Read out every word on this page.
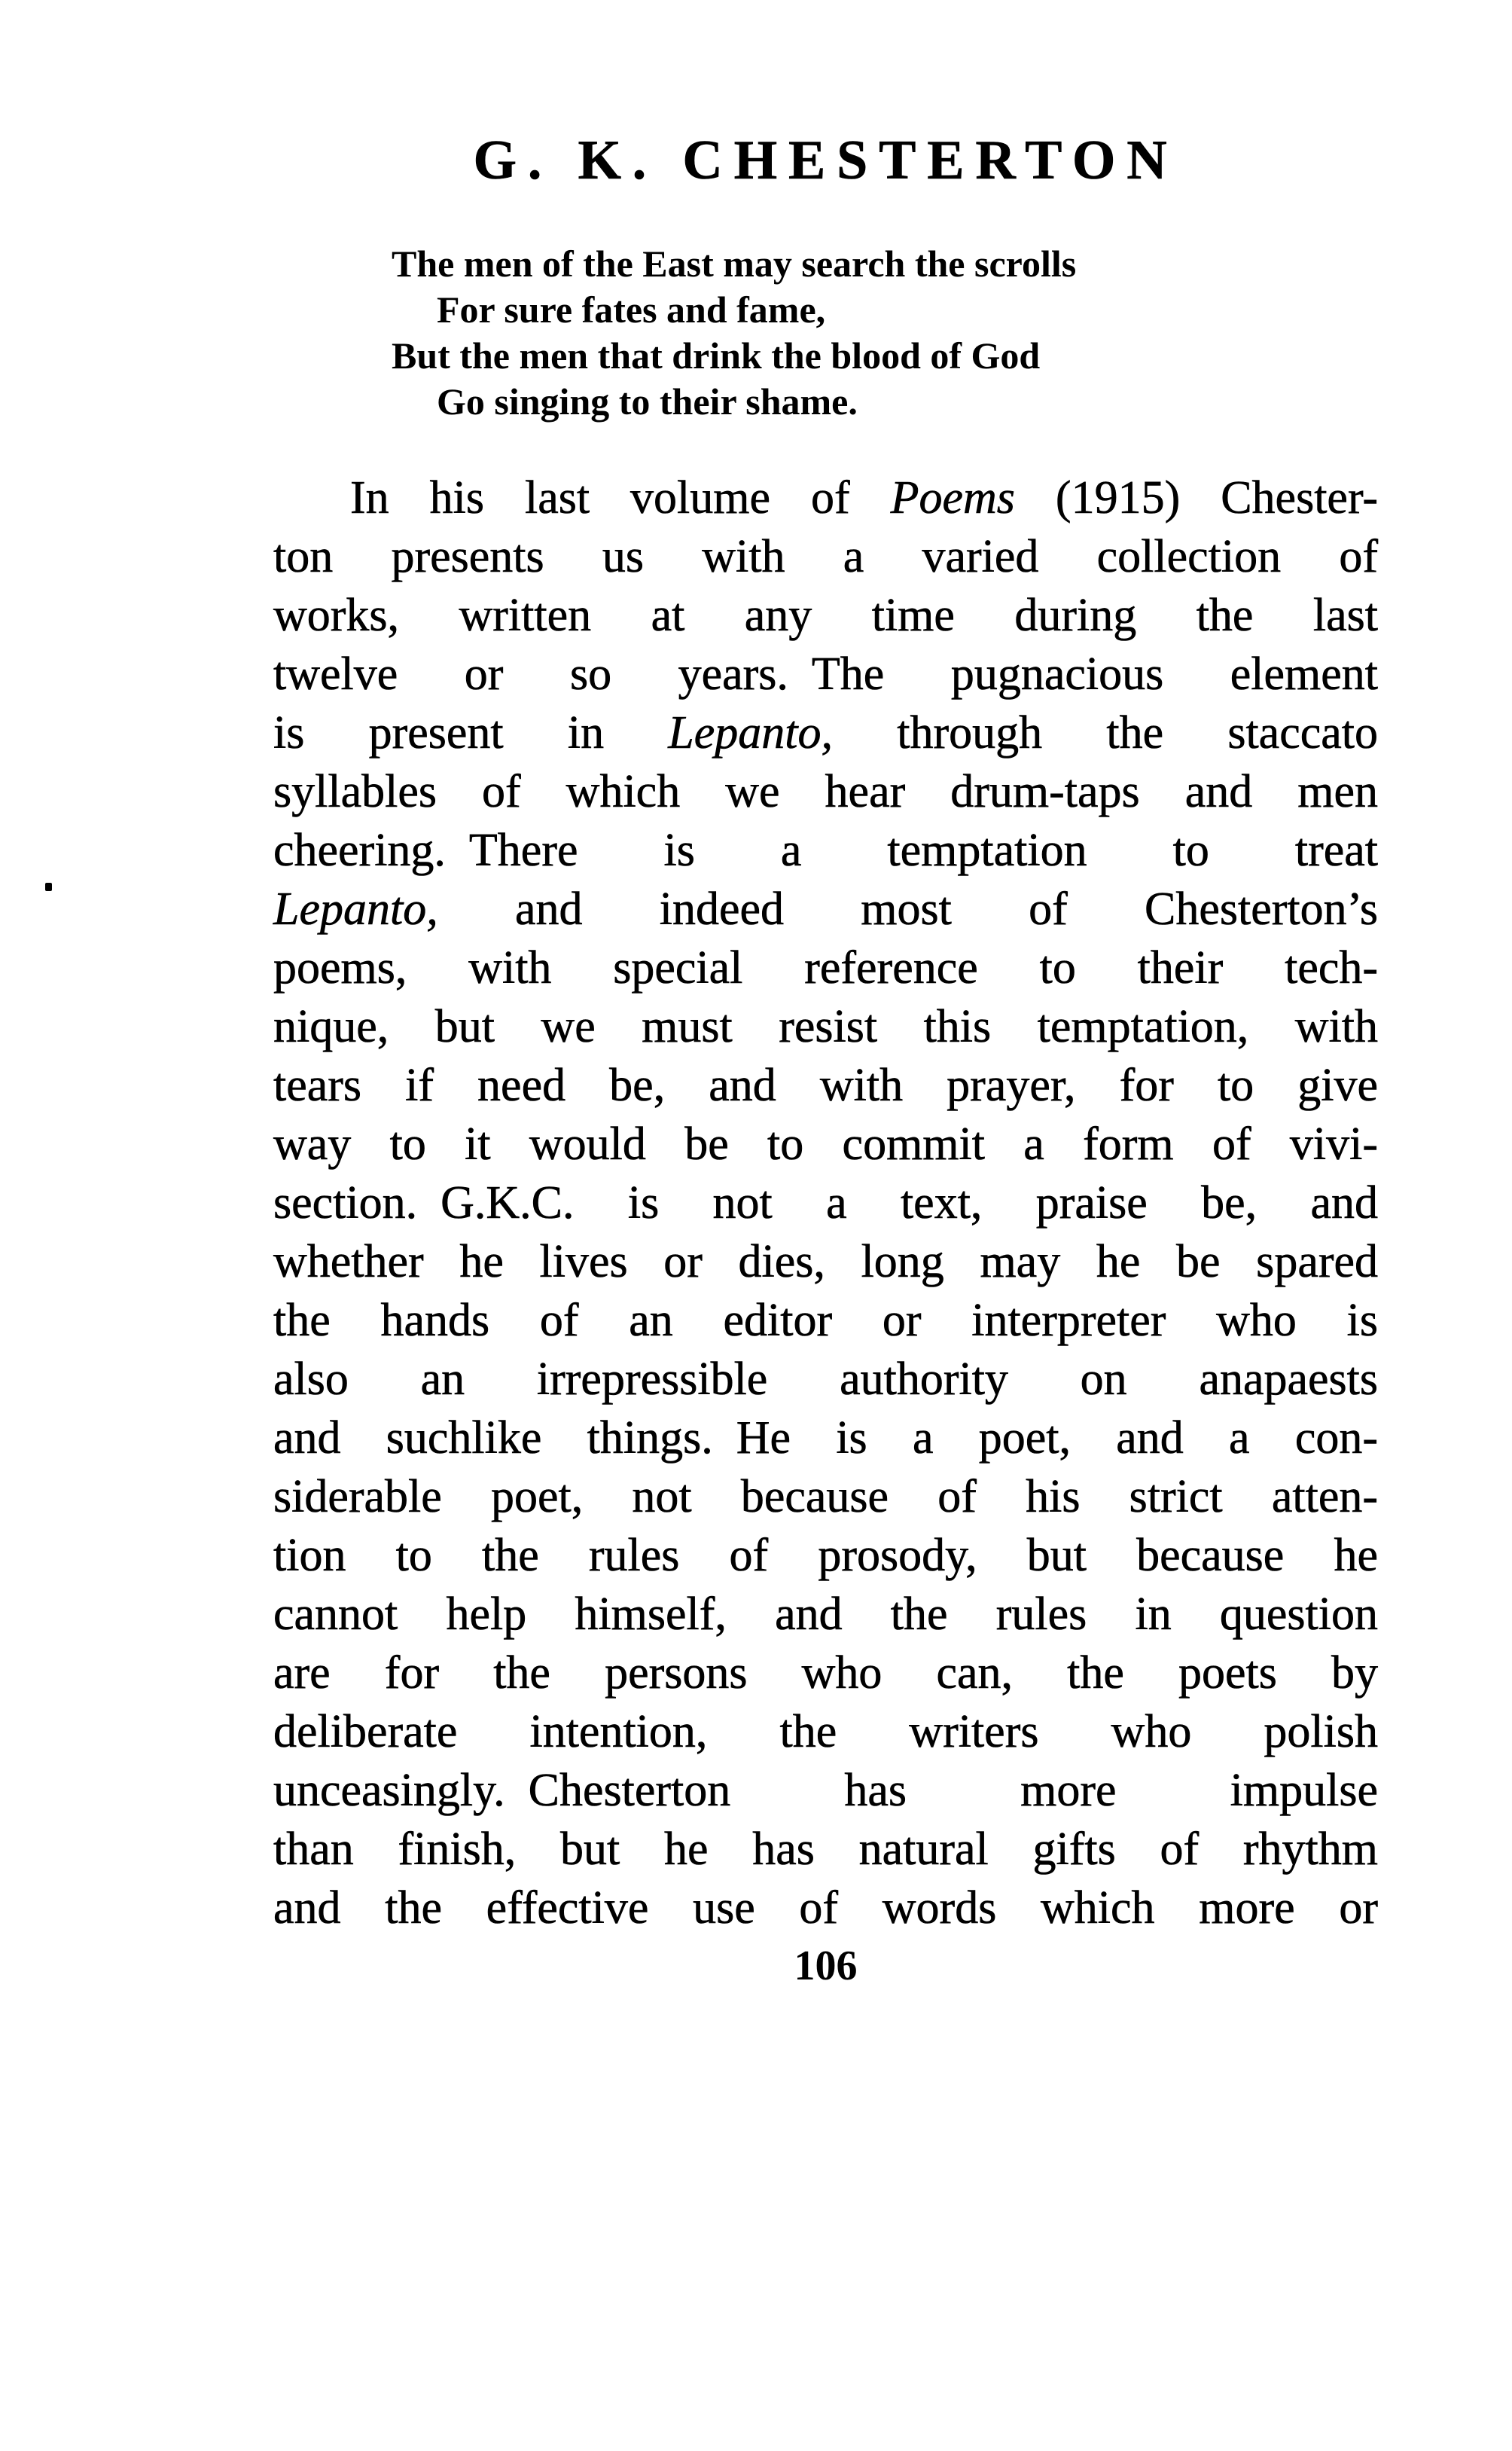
G. K. CHESTERTON
The men of the East may search the scrolls
For sure fates and fame,
But the men that drink the blood of God
Go singing to their shame.
In his last volume of Poems (1915) Chester-
ton presents us with a varied collection of
works, written at any time during the last
twelve or so years. The pugnacious element
is present in Lepanto, through the staccato
syllables of which we hear drum-taps and men
cheering. There is a temptation to treat
Lepanto, and indeed most of Chesterton’s
poems, with special reference to their tech-
nique, but we must resist this temptation, with
tears if need be, and with prayer, for to give
way to it would be to commit a form of vivi-
section. G.K.C. is not a text, praise be, and
whether he lives or dies, long may he be spared
the hands of an editor or interpreter who is
also an irrepressible authority on anapaests
and suchlike things. He is a poet, and a con-
siderable poet, not because of his strict atten-
tion to the rules of prosody, but because he
cannot help himself, and the rules in question
are for the persons who can, the poets by
deliberate intention, the writers who polish
unceasingly. Chesterton has more impulse
than finish, but he has natural gifts of rhythm
and the effective use of words which more or
106
